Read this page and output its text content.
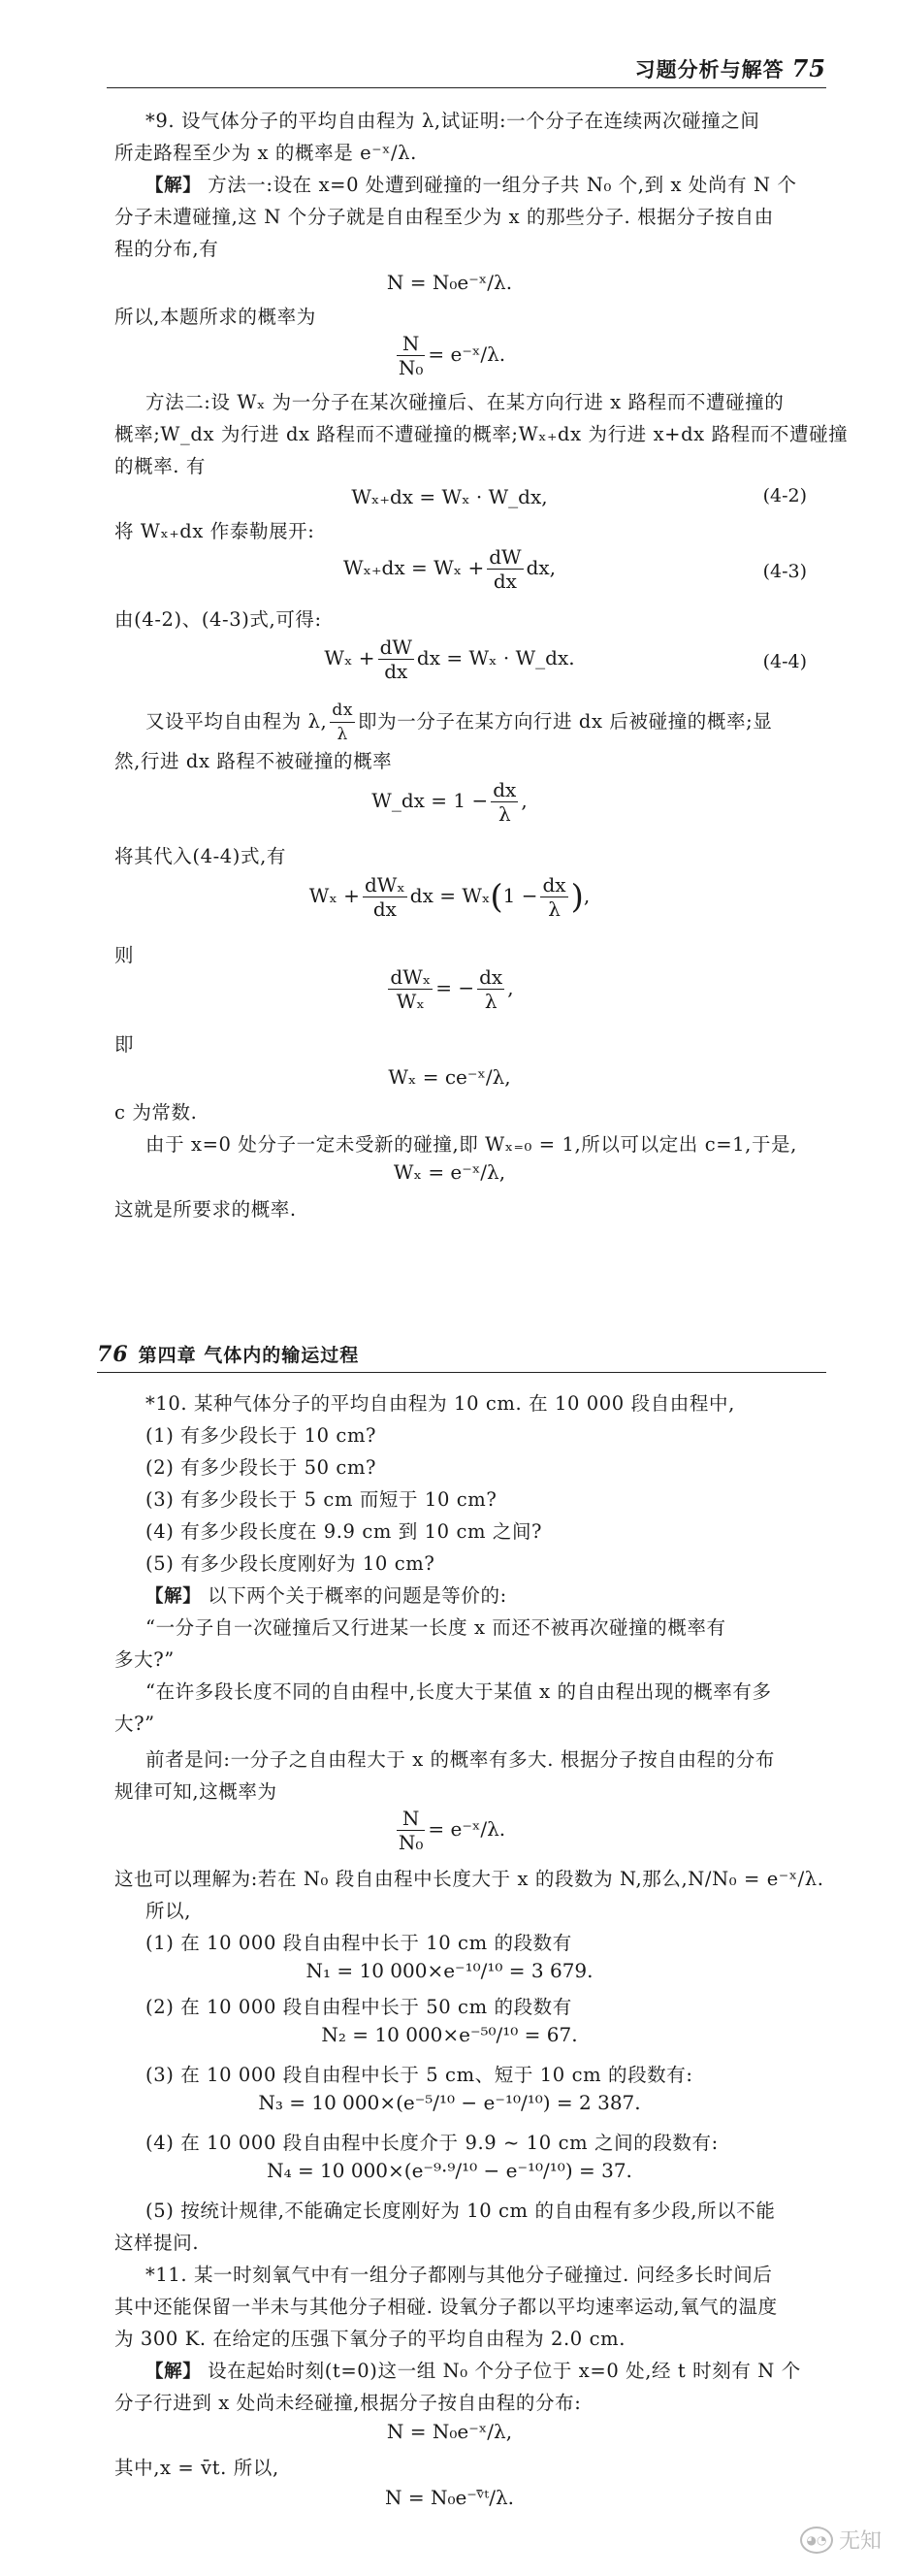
习题分析与解答 75
*9. 设气体分子的平均自由程为 λ,试证明:一个分子在连续两次碰撞之间
所走路程至少为 x 的概率是 e⁻ˣ/λ.
【解】 方法一:设在 x=0 处遭到碰撞的一组分子共 N₀ 个,到 x 处尚有 N 个
分子未遭碰撞,这 N 个分子就是自由程至少为 x 的那些分子. 根据分子按自由
程的分布,有
N = N₀e⁻ˣ/λ.
所以,本题所求的概率为
$\frac{N}{\text{N₀}}$ = e⁻ˣ/λ.
方法二:设 Wₓ 为一分子在某次碰撞后、在某方向行进 x 路程而不遭碰撞的
概率;W_dx 为行进 dx 路程而不遭碰撞的概率;Wₓ₊dx 为行进 x+dx 路程而不遭碰撞
的概率. 有
Wₓ₊dx = Wₓ · W_dx,	(4-2)
将 Wₓ₊dx 作泰勒展开:
$W_{x+}dx = W_x + \frac{dW}{dx}$ dx,	(4-3)
由(4-2)、(4-3)式,可得:
$W_x + \frac{dW}{dx}$ dx = Wₓ · W_dx.	(4-4)
又设平均自由程为 λ, $\frac{dx}{\lambda}$ 即为一分子在某方向行进 dx 后被碰撞的概率;显
然,行进 dx 路程不被碰撞的概率
W_dx = $1 - \frac{dx}{\lambda}$ ,
将其代入(4-4)式,有
$W_x + \frac{\text{dWₓ}}{dx}$ dx = $W_x(1 - \frac{dx}{\lambda}$ ),
则
$\frac{\text{dWₓ}}{\text{Wₓ}}$ = − $\frac{dx}{\lambda}$ ,
即
Wₓ = ce⁻ˣ/λ,
c 为常数.
由于 x=0 处分子一定未受新的碰撞,即 Wₓ₌₀ = 1,所以可以定出 c=1,于是,
Wₓ = e⁻ˣ/λ,
这就是所要求的概率.
76 第四章 气体内的输运过程
*10. 某种气体分子的平均自由程为 10 cm. 在 10 000 段自由程中,
(1) 有多少段长于 10 cm?
(2) 有多少段长于 50 cm?
(3) 有多少段长于 5 cm 而短于 10 cm?
(4) 有多少段长度在 9.9 cm 到 10 cm 之间?
(5) 有多少段长度刚好为 10 cm?
【解】 以下两个关于概率的问题是等价的:
“一分子自一次碰撞后又行进某一长度 x 而还不被再次碰撞的概率有
多大?”
“在许多段长度不同的自由程中,长度大于某值 x 的自由程出现的概率有多
大?”
前者是问:一分子之自由程大于 x 的概率有多大. 根据分子按自由程的分布
规律可知,这概率为
$\frac{N}{\text{N₀}}$ = e⁻ˣ/λ.
这也可以理解为:若在 N₀ 段自由程中长度大于 x 的段数为 N,那么,N/N₀ = e⁻ˣ/λ.
所以,
(1) 在 10 000 段自由程中长于 10 cm 的段数有
N₁ = 10 000×e⁻¹⁰/¹⁰ = 3 679.
(2) 在 10 000 段自由程中长于 50 cm 的段数有
N₂ = 10 000×e⁻⁵⁰/¹⁰ = 67.
(3) 在 10 000 段自由程中长于 5 cm、短于 10 cm 的段数有:
N₃ = 10 000×(e⁻⁵/¹⁰ − e⁻¹⁰/¹⁰) = 2 387.
(4) 在 10 000 段自由程中长度介于 9.9 ~ 10 cm 之间的段数有:
N₄ = 10 000×(e⁻⁹·⁹/¹⁰ − e⁻¹⁰/¹⁰) = 37.
(5) 按统计规律,不能确定长度刚好为 10 cm 的自由程有多少段,所以不能
这样提问.
*11. 某一时刻氧气中有一组分子都刚与其他分子碰撞过. 问经多长时间后
其中还能保留一半未与其他分子相碰. 设氧分子都以平均速率运动,氧气的温度
为 300 K. 在给定的压强下氧分子的平均自由程为 2.0 cm.
【解】 设在起始时刻(t=0)这一组 N₀ 个分子位于 x=0 处,经 t 时刻有 N 个
分子行进到 x 处尚未经碰撞,根据分子按自由程的分布:
N = N₀e⁻ˣ/λ,
其中,x = v̄t. 所以,
N = N₀e⁻ᵛ̄ᵗ/λ.
◕◔ 无知
